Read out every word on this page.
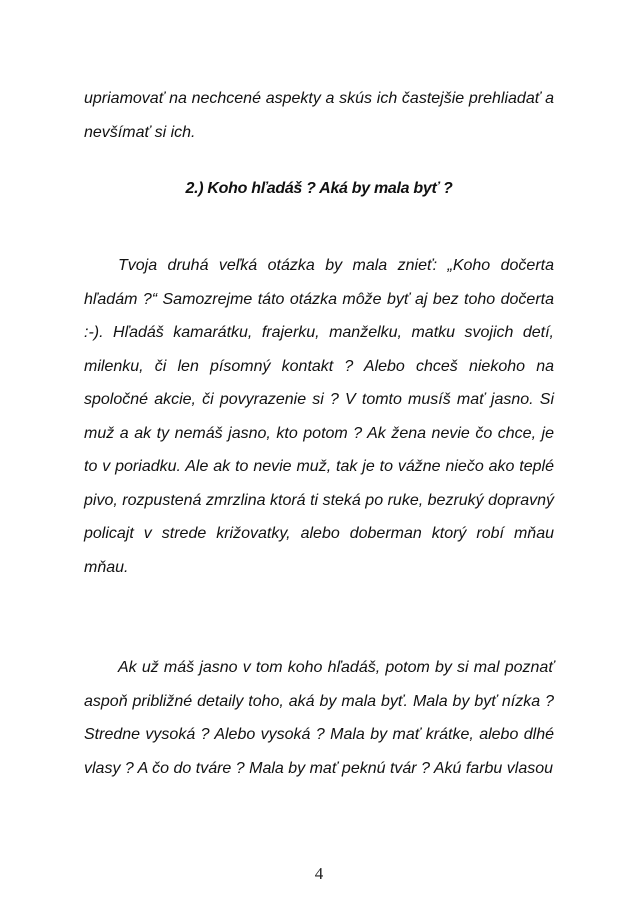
upriamovať na nechcené aspekty a skús ich častejšie prehliadať a nevšímať si ich.

2.) Koho hľadáš ? Aká by mala byť ?

Tvoja druhá veľká otázka by mala znieť: „Koho dočerta hľadám ?“ Samozrejme táto otázka môže byť aj bez toho dočerta :-). Hľadáš kamarátku, frajerku, manželku, matku svojich detí, milenku, či len písomný kontakt ? Alebo chceš niekoho na spoločné akcie, či povyrazenie si ? V tomto musíš mať jasno. Si muž a ak ty nemáš jasno, kto potom ? Ak žena nevie čo chce, je to v poriadku. Ale ak to nevie muž, tak je to vážne niečo ako teplé pivo, rozpustená zmrzlina ktorá ti steká po ruke, bezruký dopravný policajt v strede križovatky, alebo doberman ktorý robí mňau mňau.

Ak už máš jasno v tom koho hľadáš, potom by si mal poznať aspoň približné detaily toho, aká by mala byť. Mala by byť nízka ? Stredne vysoká ? Alebo vysoká ? Mala by mať krátke, alebo dlhé vlasy ? A čo do tváre ? Mala by mať peknú tvár ? Akú farbu vlasou

4
